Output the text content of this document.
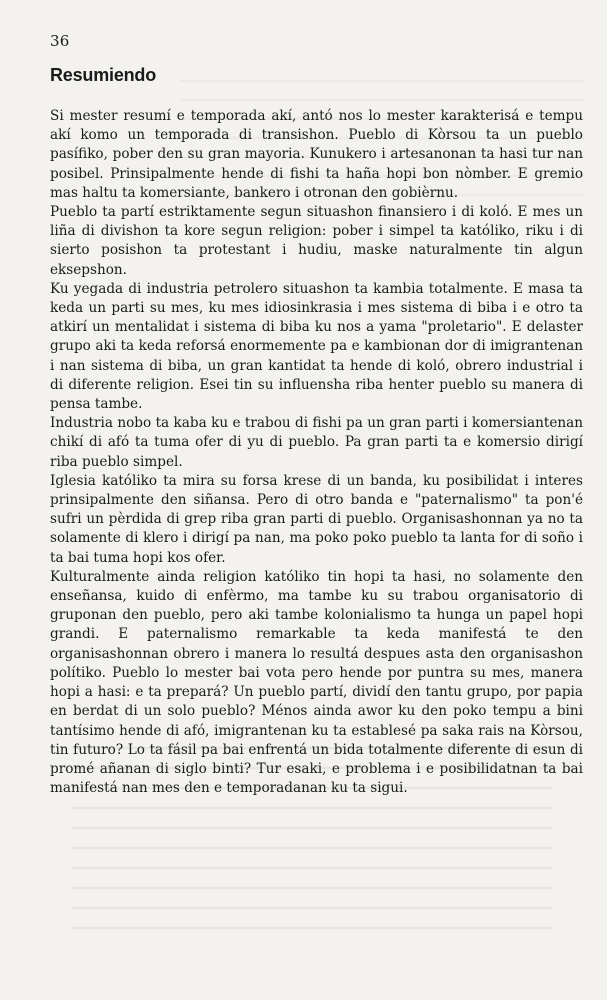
36
Resumiendo

Si mester resumí e temporada akí, antó nos lo mester karakterisá e tempu akí komo un temporada di transishon. Pueblo di Kòrsou ta un pueblo pasífiko, pober den su gran mayoria. Kunukero i artesanonan ta hasi tur nan posibel. Prinsipalmente hende di fishi ta haña hopi bon nòmber. E gremio mas haltu ta komersiante, bankero i otronan den gobièrnu.

Pueblo ta partí estriktamente segun situashon finansiero i di koló. E mes un liña di divishon ta kore segun religion: pober i simpel ta katóliko, riku i di sierto posishon ta protestant i hudiu, maske naturalmente tin algun eksepshon.

Ku yegada di industria petrolero situashon ta kambia totalmente. E masa ta keda un parti su mes, ku mes idiosinkrasia i mes sistema di biba i e otro ta atkirí un mentalidat i sistema di biba ku nos a yama "proletario". E delaster grupo aki ta keda reforsá enormemente pa e kambionan dor di imigrantenan i nan sistema di biba, un gran kantidat ta hende di koló, obrero industrial i di diferente religion. Esei tin su influensha riba henter pueblo su manera di pensa tambe.

Industria nobo ta kaba ku e trabou di fishi pa un gran parti i komersiantenan chikí di afó ta tuma ofer di yu di pueblo. Pa gran parti ta e komersio dirigí riba pueblo simpel.

Iglesia katóliko ta mira su forsa krese di un banda, ku posibilidat i interes prinsipalmente den siñansa. Pero di otro banda e "paternalismo" ta pon'é sufri un pèrdida di grep riba gran parti di pueblo. Organisashonnan ya no ta solamente di klero i dirigí pa nan, ma poko poko pueblo ta lanta for di soño i ta bai tuma hopi kos ofer.

Kulturalmente ainda religion katóliko tin hopi ta hasi, no solamente den enseñansa, kuido di enfèrmo, ma tambe ku su trabou organisatorio di gruponan den pueblo, pero aki tambe kolonialismo ta hunga un papel hopi grandi. E paternalismo remarkable ta keda manifestá te den organisashonnan obrero i manera lo resultá despues asta den organisashon polítiko. Pueblo lo mester bai vota pero hende por puntra su mes, manera hopi a hasi: e ta prepará? Un pueblo partí, dividí den tantu grupo, por papia en berdat di un solo pueblo? Ménos ainda awor ku den poko tempu a bini tantísimo hende di afó, imigrantenan ku ta establesé pa saka rais na Kòrsou, tin futuro? Lo ta fásil pa bai enfrentá un bida totalmente diferente di esun di promé añanan di siglo binti? Tur esaki, e problema i e posibilidatnan ta bai manifestá nan mes den e temporadanan ku ta sigui.
